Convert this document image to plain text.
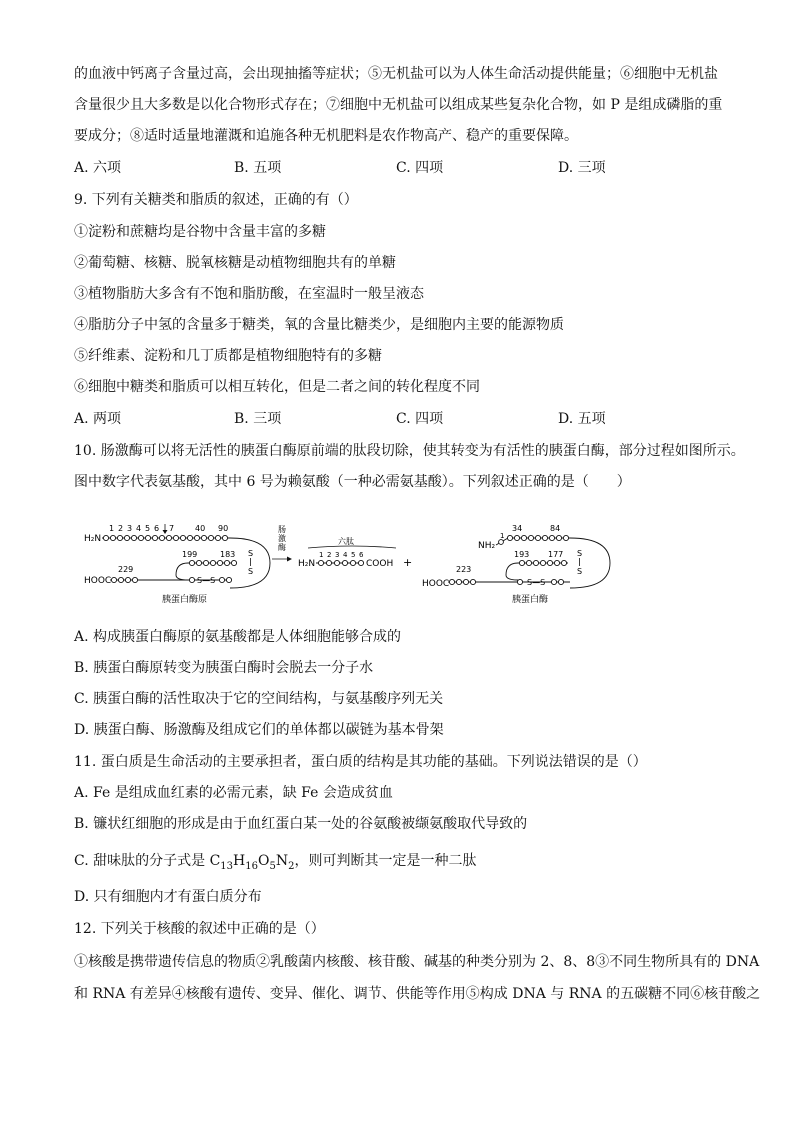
的血液中钙离子含量过高，会出现抽搐等症状；⑤无机盐可以为人体生命活动提供能量；⑥细胞中无机盐
含量很少且大多数是以化合物形式存在；⑦细胞中无机盐可以组成某些复杂化合物，如 P 是组成磷脂的重
要成分；⑧适时适量地灌溉和追施各种无机肥料是农作物高产、稳产的重要保障。
A. 六项	B. 五项	C. 四项	D. 三项
9. 下列有关糖类和脂质的叙述，正确的有（）
①淀粉和蔗糖均是谷物中含量丰富的多糖
②葡萄糖、核糖、脱氧核糖是动植物细胞共有的单糖
③植物脂肪大多含有不饱和脂肪酸，在室温时一般呈液态
④脂肪分子中氢的含量多于糖类，氧的含量比糖类少，是细胞内主要的能源物质
⑤纤维素、淀粉和几丁质都是植物细胞特有的多糖
⑥细胞中糖类和脂质可以相互转化，但是二者之间的转化程度不同
A. 两项	B. 三项	C. 四项	D. 五项
10. 肠激酶可以将无活性的胰蛋白酶原前端的肽段切除，使其转变为有活性的胰蛋白酶，部分过程如图所示。
图中数字代表氨基酸，其中 6 号为赖氨酸（一种必需氨基酸）。下列叙述正确的是（　　）
H₂N
1 2 3 4 5 6 7	40 90
S
S
199	183
229
HOOC	S—S
胰蛋白酶原
肠激酶
六肽
H₂N
1 2 3 4 5 6
COOH +
NH₂
1
34	84
S
S
193 177
223
HOOC	S—S
胰蛋白酶
A. 构成胰蛋白酶原的氨基酸都是人体细胞能够合成的
B. 胰蛋白酶原转变为胰蛋白酶时会脱去一分子水
C. 胰蛋白酶的活性取决于它的空间结构，与氨基酸序列无关
D. 胰蛋白酶、肠激酶及组成它们的单体都以碳链为基本骨架
11. 蛋白质是生命活动的主要承担者，蛋白质的结构是其功能的基础。下列说法错误的是（）
A. Fe 是组成血红素的必需元素，缺 Fe 会造成贫血
B. 镰状红细胞的形成是由于血红蛋白某一处的谷氨酸被缬氨酸取代导致的
C. 甜味肽的分子式是 $C_{13}H_{16}O_5N_2$，则可判断其一定是一种二肽
D. 只有细胞内才有蛋白质分布
12. 下列关于核酸的叙述中正确的是（）
①核酸是携带遗传信息的物质②乳酸菌内核酸、核苷酸、碱基的种类分别为 2、8、8③不同生物所具有的 DNA
和 RNA 有差异④核酸有遗传、变异、催化、调节、供能等作用⑤构成 DNA 与 RNA 的五碳糖不同⑥核苷酸之
